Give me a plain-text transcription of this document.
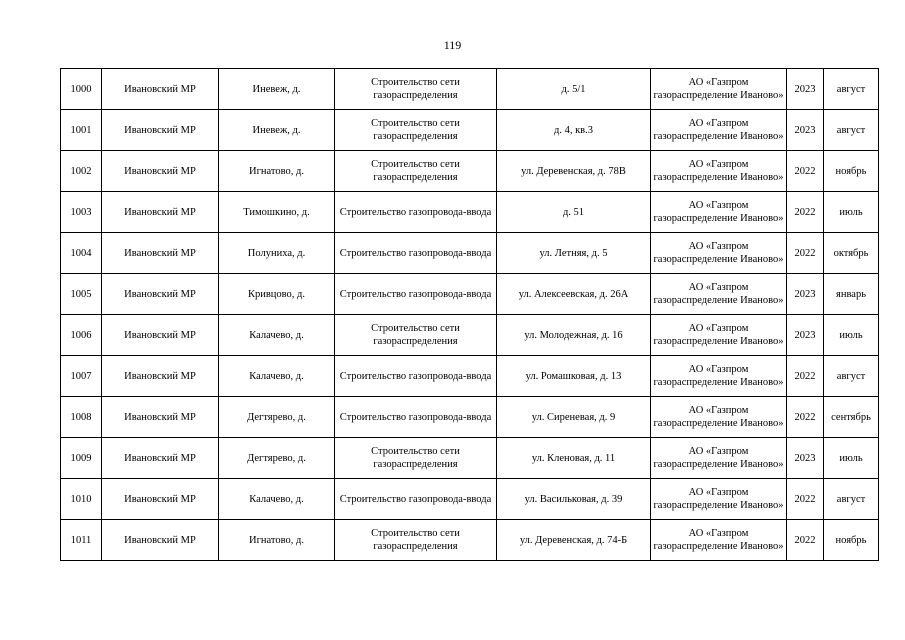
119
1000	Ивановский МР	Иневеж, д.	Строительство сети газораспределения	д. 5/1	АО «Газпром газораспределение Иваново»	2023	август
1001	Ивановский МР	Иневеж, д.	Строительство сети газораспределения	д. 4, кв.3	АО «Газпром газораспределение Иваново»	2023	август
1002	Ивановский МР	Игнатово, д.	Строительство сети газораспределения	ул. Деревенская, д. 78В	АО «Газпром газораспределение Иваново»	2022	ноябрь
1003	Ивановский МР	Тимошкино, д.	Строительство газопровода-ввода	д. 51	АО «Газпром газораспределение Иваново»	2022	июль
1004	Ивановский МР	Полуниха, д.	Строительство газопровода-ввода	ул. Летняя, д. 5	АО «Газпром газораспределение Иваново»	2022	октябрь
1005	Ивановский МР	Кривцово, д.	Строительство газопровода-ввода	ул. Алексеевская, д. 26А	АО «Газпром газораспределение Иваново»	2023	январь
1006	Ивановский МР	Калачево, д.	Строительство сети газораспределения	ул. Молодежная, д. 16	АО «Газпром газораспределение Иваново»	2023	июль
1007	Ивановский МР	Калачево, д.	Строительство газопровода-ввода	ул. Ромашковая, д. 13	АО «Газпром газораспределение Иваново»	2022	август
1008	Ивановский МР	Дегтярево, д.	Строительство газопровода-ввода	ул. Сиреневая, д. 9	АО «Газпром газораспределение Иваново»	2022	сентябрь
1009	Ивановский МР	Дегтярево, д.	Строительство сети газораспределения	ул. Кленовая, д. 11	АО «Газпром газораспределение Иваново»	2023	июль
1010	Ивановский МР	Калачево, д.	Строительство газопровода-ввода	ул. Васильковая, д. 39	АО «Газпром газораспределение Иваново»	2022	август
1011	Ивановский МР	Игнатово, д.	Строительство сети газораспределения	ул. Деревенская, д. 74-Б	АО «Газпром газораспределение Иваново»	2022	ноябрь
